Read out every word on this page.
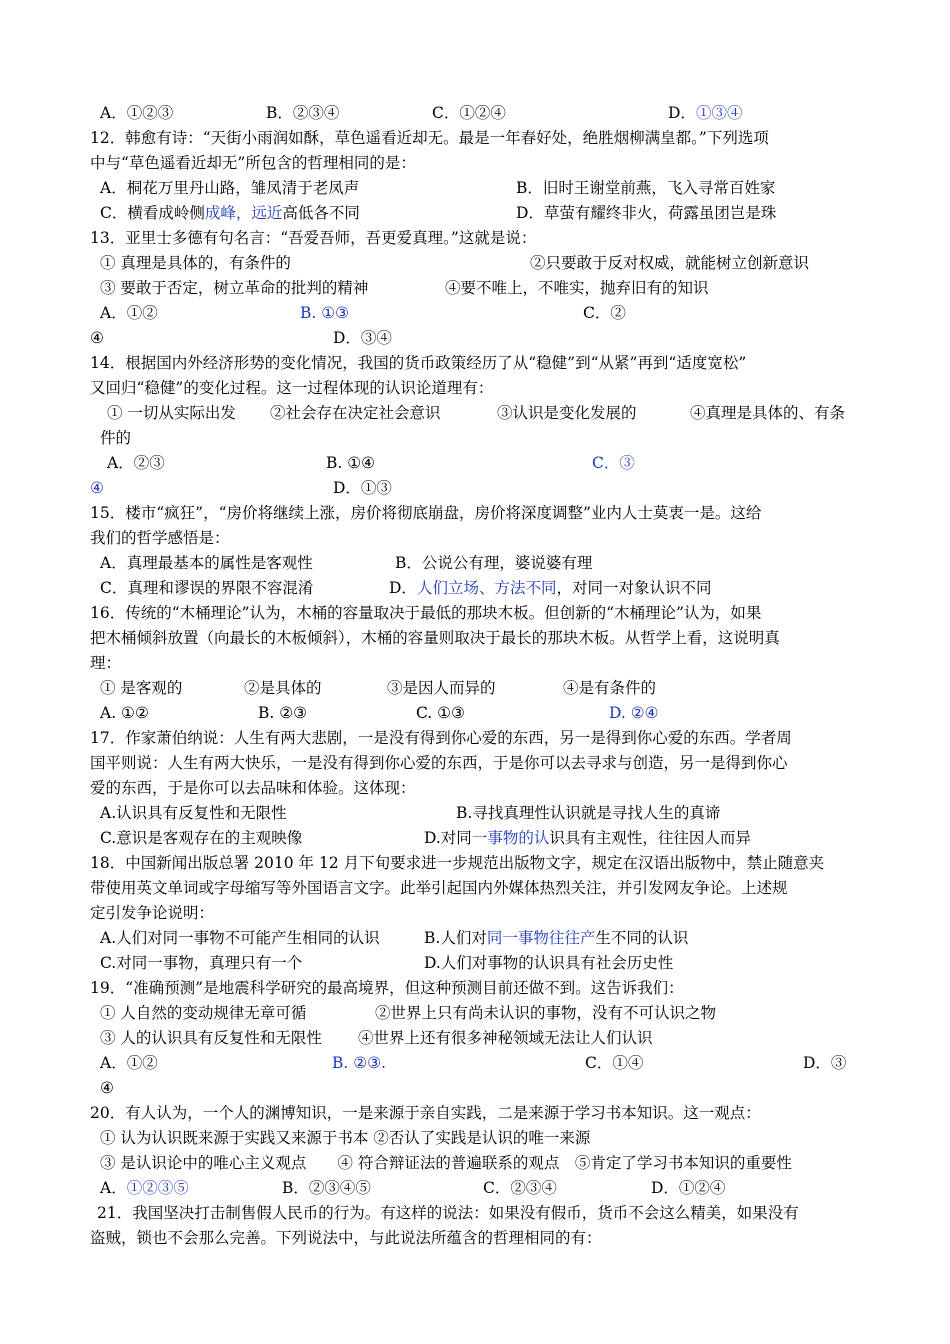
A．①②③	B．②③④	C．①②④	D．①③④
12．韩愈有诗：“天街小雨润如酥，草色遥看近却无。最是一年春好处，绝胜烟柳满皇都。”下列选项
中与“草色遥看近却无”所包含的哲理相同的是：
A．桐花万里丹山路，雏凤清于老凤声	B．旧时王谢堂前燕，飞入寻常百姓家
C．横看成岭侧成峰，远近高低各不同	D．草萤有耀终非火，荷露虽团岂是珠
13．亚里士多德有句名言：“吾爱吾师，吾更爱真理。”这就是说：
① 真理是具体的，有条件的	②只要敢于反对权威，就能树立创新意识
③ 要敢于否定，树立革命的批判的精神	④要不唯上，不唯实，抛弃旧有的知识
A．①②	B. ①③	C．②
④	D．③④
14．根据国内外经济形势的变化情况，我国的货币政策经历了从“稳健”到“从紧”再到“适度宽松”
又回归“稳健”的变化过程。这一过程体现的认识论道理有：
① 一切从实际出发 ②社会存在决定社会意识	③认识是变化发展的	④真理是具体的、有条
件的
A．②③	B. ①④	C．③
④	D．①③
15．楼市“疯狂”，“房价将继续上涨，房价将彻底崩盘，房价将深度调整”业内人士莫衷一是。这给
我们的哲学感悟是：
A．真理最基本的属性是客观性	B．公说公有理，婆说婆有理
C．真理和谬误的界限不容混淆	D．人们立场、方法不同，对同一对象认识不同
16．传统的“木桶理论”认为，木桶的容量取决于最低的那块木板。但创新的“木桶理论”认为，如果
把木桶倾斜放置（向最长的木板倾斜），木桶的容量则取决于最长的那块木板。从哲学上看，这说明真
理：
① 是客观的	②是具体的	③是因人而异的	④是有条件的
A. ①②	B. ②③	C. ①③	D. ②④
17．作家萧伯纳说：人生有两大悲剧，一是没有得到你心爱的东西，另一是得到你心爱的东西。学者周
国平则说：人生有两大快乐，一是没有得到你心爱的东西，于是你可以去寻求与创造，另一是得到你心
爱的东西，于是你可以去品味和体验。这体现：
A.认识具有反复性和无限性	B.寻找真理性认识就是寻找人生的真谛
C.意识是客观存在的主观映像	D.对同一事物的认识具有主观性，往往因人而异
18．中国新闻出版总署 2010 年 12 月下旬要求进一步规范出版物文字，规定在汉语出版物中，禁止随意夹
带使用英文单词或字母缩写等外国语言文字。此举引起国内外媒体热烈关注，并引发网友争论。上述规
定引发争论说明：
A.人们对同一事物不可能产生相同的认识	B.人们对同一事物往往产生不同的认识
C.对同一事物，真理只有一个	D.人们对事物的认识具有社会历史性
19．“准确预测”是地震科学研究的最高境界，但这种预测目前还做不到。这告诉我们：
① 人自然的变动规律无章可循	②世界上只有尚未认识的事物，没有不可认识之物
③ 人的认识具有反复性和无限性 ④世界上还有很多神秘领域无法让人们认识
A．①②	B. ②③.	C．①④	D．③
④
20．有人认为，一个人的渊博知识，一是来源于亲自实践，二是来源于学习书本知识。这一观点：
① 认为认识既来源于实践又来源于书本 ②否认了实践是认识的唯一来源
③ 是认识论中的唯心主义观点　　④ 符合辩证法的普遍联系的观点　⑤肯定了学习书本知识的重要性
A．①②③⑤	B．②③④⑤	C．②③④	D．①②④
21．我国坚决打击制售假人民币的行为。有这样的说法：如果没有假币，货币不会这么精美，如果没有
盗贼，锁也不会那么完善。下列说法中，与此说法所蕴含的哲理相同的有：
